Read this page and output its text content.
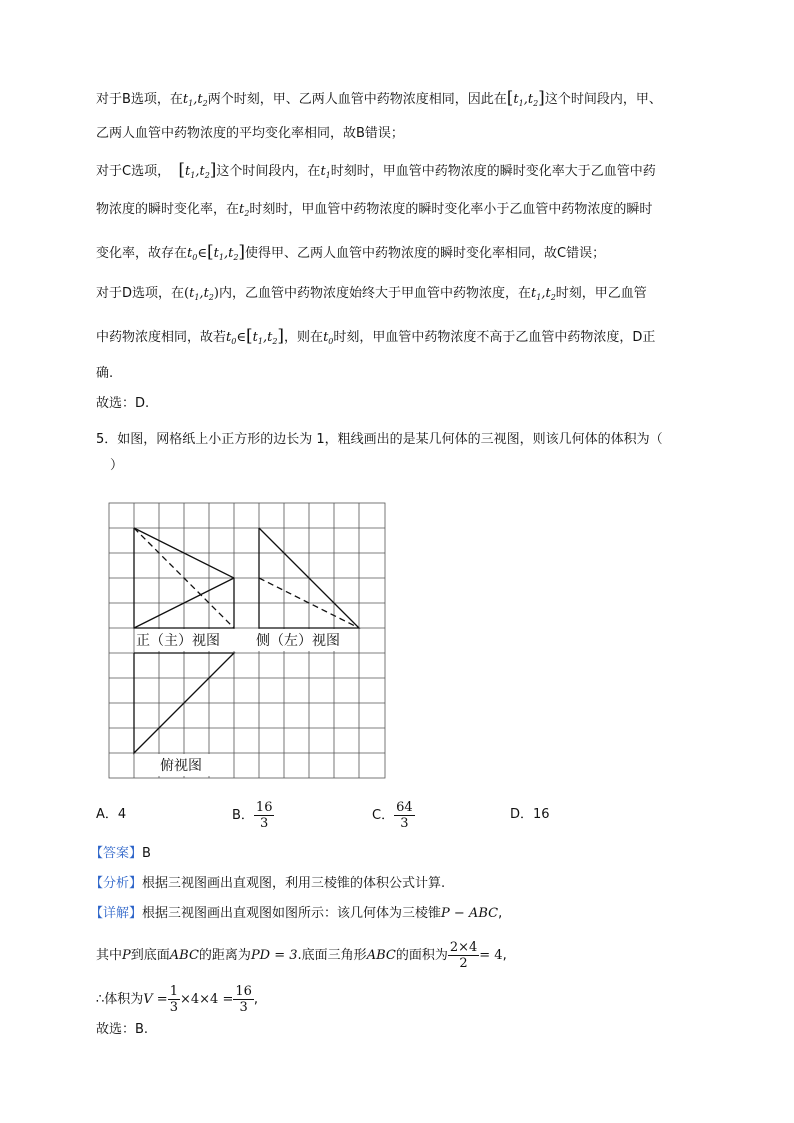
对于B选项，在$t_1,t_2$两个时刻，甲、乙两人血管中药物浓度相同，因此在$[t_1,t_2]$这个时间段内，甲、
乙两人血管中药物浓度的平均变化率相同，故B错误；
对于C选项， $[t_1,t_2]$这个时间段内，在$t_1$时刻时，甲血管中药物浓度的瞬时变化率大于乙血管中药
物浓度的瞬时变化率，在$t_2$时刻时，甲血管中药物浓度的瞬时变化率小于乙血管中药物浓度的瞬时
变化率，故存在$t_0\in[t_1,t_2]$使得甲、乙两人血管中药物浓度的瞬时变化率相同，故C错误；
对于D选项，在$(t_1,t_2)$内，乙血管中药物浓度始终大于甲血管中药物浓度，在$t_1,t_2$时刻，甲乙血管
中药物浓度相同，故若$t_0\in[t_1,t_2]$，则在$t_0$时刻，甲血管中药物浓度不高于乙血管中药物浓度，D正
确.
故选：D.
5．如图，网格纸上小正方形的边长为 1，粗线画出的是某几何体的三视图，则该几何体的体积为（
）
正（主）视图	侧（左）视图
俯视图
A．4	B． $\frac{16}{3}$	C． $\frac{64}{3}$	D．16
【答案】B
【分析】根据三视图画出直观图，利用三棱锥的体积公式计算.
【详解】根据三视图画出直观图如图所示：该几何体为三棱锥P − ABC,
其中P到底面ABC的距离为PD = 3.底面三角形ABC的面积为 $\frac{2\times 4}{2} = 4$,
∴体积为$V = \frac{1}{3} \times 4\times 4 = \frac{16}{3}$ ,
故选：B.
